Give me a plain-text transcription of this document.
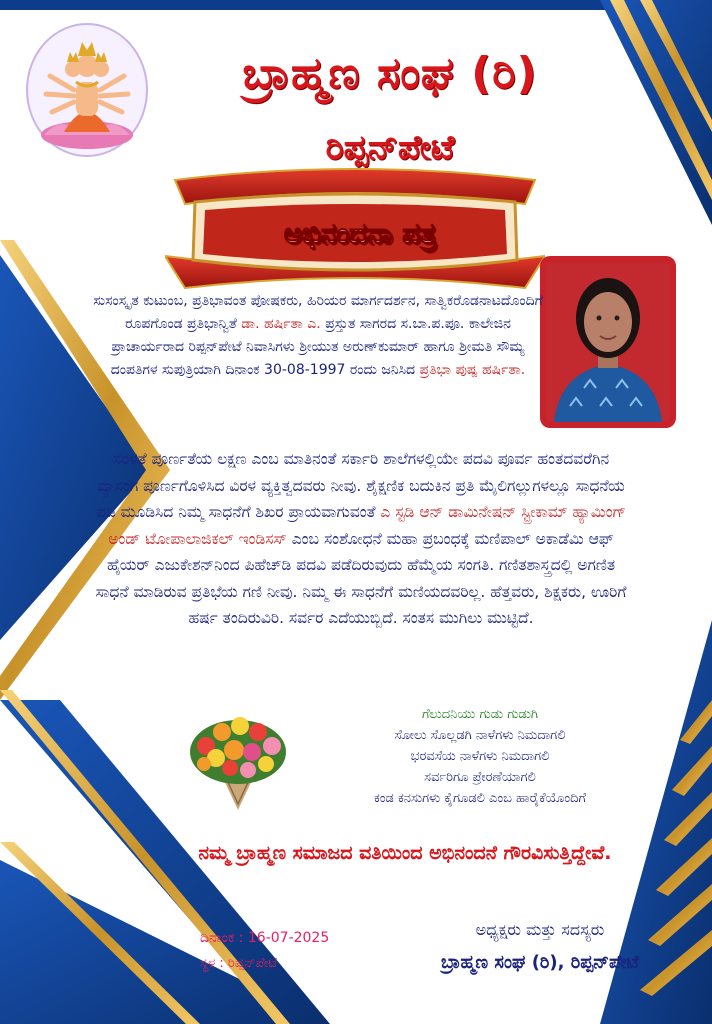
ಬ್ರಾಹ್ಮಣ ಸಂಘ (ರಿ)
ರಿಪ್ಪನ್‌ಪೇಟೆ
ಅಭಿನಂದನಾ ಪತ್ರ
ಸುಸಂಸ್ಕೃತ ಕುಟುಂಬ, ಪ್ರತಿಭಾವಂತ ಪೋಷಕರು, ಹಿರಿಯರ ಮಾರ್ಗದರ್ಶನ, ಸಾತ್ವಿಕರೊಡನಾಟದೊಂದಿಗೆ ರೂಪಗೊಂಡ ಪ್ರತಿಭಾನ್ವಿತೆ ಡಾ. ಹರ್ಷಿತಾ ಎ. ಪ್ರಸ್ತುತ ಸಾಗರದ ಸ.ಬಾ.ಪ.ಪೂ. ಕಾಲೇಜಿನ ಪ್ರಾಚಾರ್ಯರಾದ ರಿಪ್ಪನ್‌ಪೇಟೆ ನಿವಾಸಿಗಳು ಶ್ರೀಯುತ ಅರುಣ್‌ಕುಮಾರ್ ಹಾಗೂ ಶ್ರೀಮತಿ ಸೌಮ್ಯ ದಂಪತಿಗಳ ಸುಪುತ್ರಿಯಾಗಿ ದಿನಾಂಕ 30-08-1997 ರಂದು ಜನಿಸಿದ ಪ್ರತಿಭಾ ಪುಷ್ಪ ಹರ್ಷಿತಾ.
ಸರಳತೆ ಪೂರ್ಣತೆಯ ಲಕ್ಷಣ ಎಂಬ ಮಾತಿನಂತೆ ಸರ್ಕಾರಿ ಶಾಲೆಗಳಲ್ಲಿಯೇ ಪದವಿ ಪೂರ್ವ ಹಂತದವರೆಗಿನ ವ್ಯಾಸಂಗ ಪೂರ್ಣಗೊಳಿಸಿದ ವಿರಳ ವ್ಯಕ್ತಿತ್ವದವರು ನೀವು. ಶೈಕ್ಷಣಿಕ ಬದುಕಿನ ಪ್ರತಿ ಮೈಲಿಗಲ್ಲುಗಳಲ್ಲೂ ಸಾಧನೆಯ ಪಡಿ ಮೂಡಿಸಿದ ನಿಮ್ಮ ಸಾಧನೆಗೆ ಶಿಖರ ಪ್ರಾಯವಾಗುವಂತೆ ಎ ಸ್ಟಡಿ ಆನ್ ಡಾಮಿನೇಷನ್ ಸ್ಟ್ರೀಕಾಮ್ ಹ್ಯಾಮಿಂಗ್ ಅಂಡ್ ಟೋಪಾಲಾಜಿಕಲ್ ಇಂಡಿಸಸ್ ಎಂಬ ಸಂಶೋಧನೆ ಮಹಾ ಪ್ರಬಂಧಕ್ಕೆ ಮಣಿಪಾಲ್ ಅಕಾಡೆಮಿ ಆಫ್ ಹೈಯರ್ ಎಜುಕೇಶನ್‌ನಿಂದ ಪಿಹೆಚ್‌ಡಿ ಪದವಿ ಪಡೆದಿರುವುದು ಹೆಮ್ಮೆಯ ಸಂಗತಿ. ಗಣಿತಶಾಸ್ತ್ರದಲ್ಲಿ ಅಗಣಿತ ಸಾಧನೆ ಮಾಡಿರುವ ಪ್ರತಿಭೆಯ ಗಣಿ ನೀವು. ನಿಮ್ಮ ಈ ಸಾಧನೆಗೆ ಮಣಿಯದವರಿಲ್ಲ. ಹೆತ್ತವರು, ಶಿಕ್ಷಕರು, ಊರಿಗೆ ಹರ್ಷ ತಂದಿರುವಿರಿ. ಸರ್ವರ ಎದೆಯುಬ್ಬಿದೆ. ಸಂತಸ ಮುಗಿಲು ಮುಟ್ಟಿದೆ.
ಗೆಲುದನಿಯು ಗುಡು ಗುಡುಗಿ
ಸೋಲು ಸೊಲ್ಲಡಗಿ ನಾಳೆಗಳು ನಿಮದಾಗಲಿ
ಭರವಸೆಯ ನಾಳೆಗಳು ನಿಮದಾಗಲಿ
ಸರ್ವರಿಗೂ ಪ್ರೇರಣೆಯಾಗಲಿ
ಕಂಡ ಕನಸುಗಳು ಕೈಗೂಡಲಿ ಎಂಬ ಹಾರೈಕೆಯೊಂದಿಗೆ
ನಮ್ಮ ಬ್ರಾಹ್ಮಣ ಸಮಾಜದ ವತಿಯಿಂದ ಅಭಿನಂದನೆ ಗೌರವಿಸುತ್ತಿದ್ದೇವೆ.
ದಿನಾಂಕ : 16-07-2025
ಸ್ಥಳ : ರಿಪ್ಪನ್‌ಪೇಟೆ
ಅಧ್ಯಕ್ಷರು ಮತ್ತು ಸದಸ್ಯರು
ಬ್ರಾಹ್ಮಣ ಸಂಘ (ರಿ), ರಿಪ್ಪನ್‌ಪೇಟೆ
